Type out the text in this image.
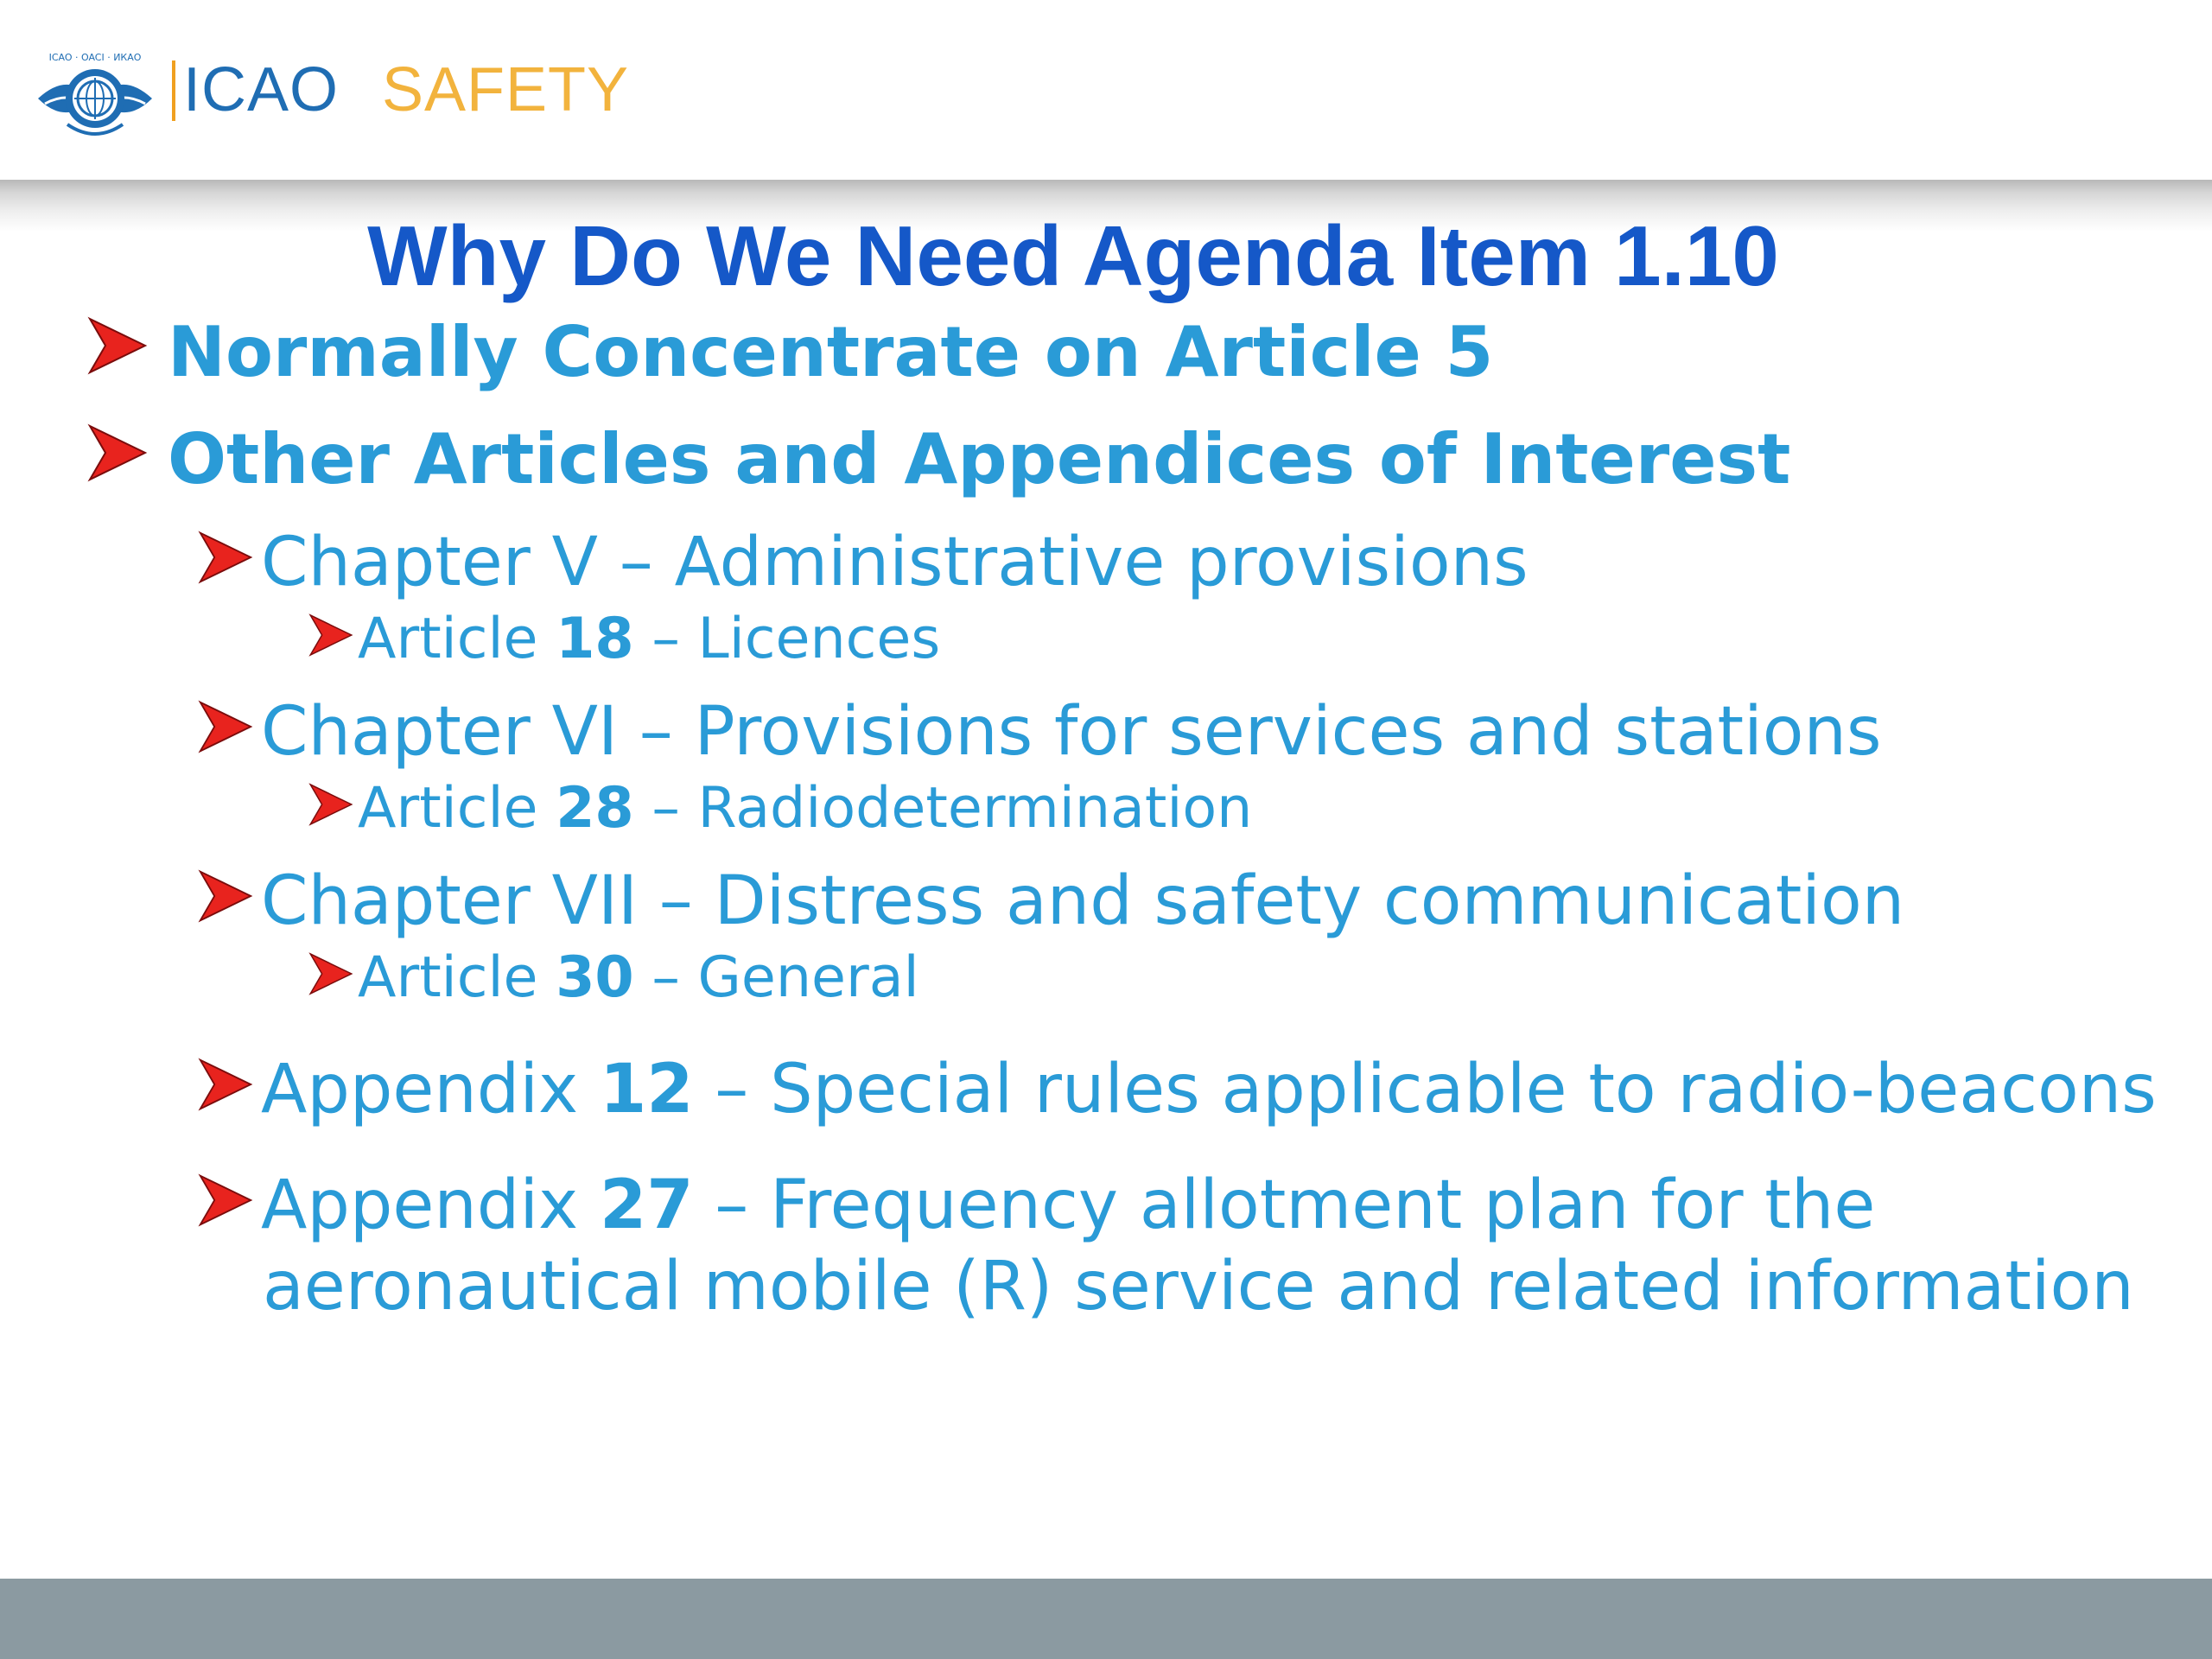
ICAO · OACI · ИКАО ICAO SAFETY
Why Do We Need Agenda Item 1.10
Normally Concentrate on Article 5
Other Articles and Appendices of Interest
Chapter V – Administrative provisions
Article 18 – Licences
Chapter VI – Provisions for services and stations
Article 28 – Radiodetermination
Chapter VII – Distress and safety communication
Article 30 – General
Appendix 12 – Special rules applicable to radio-beacons
Appendix 27 – Frequency allotment plan for the
aeronautical mobile (R) service and related information
